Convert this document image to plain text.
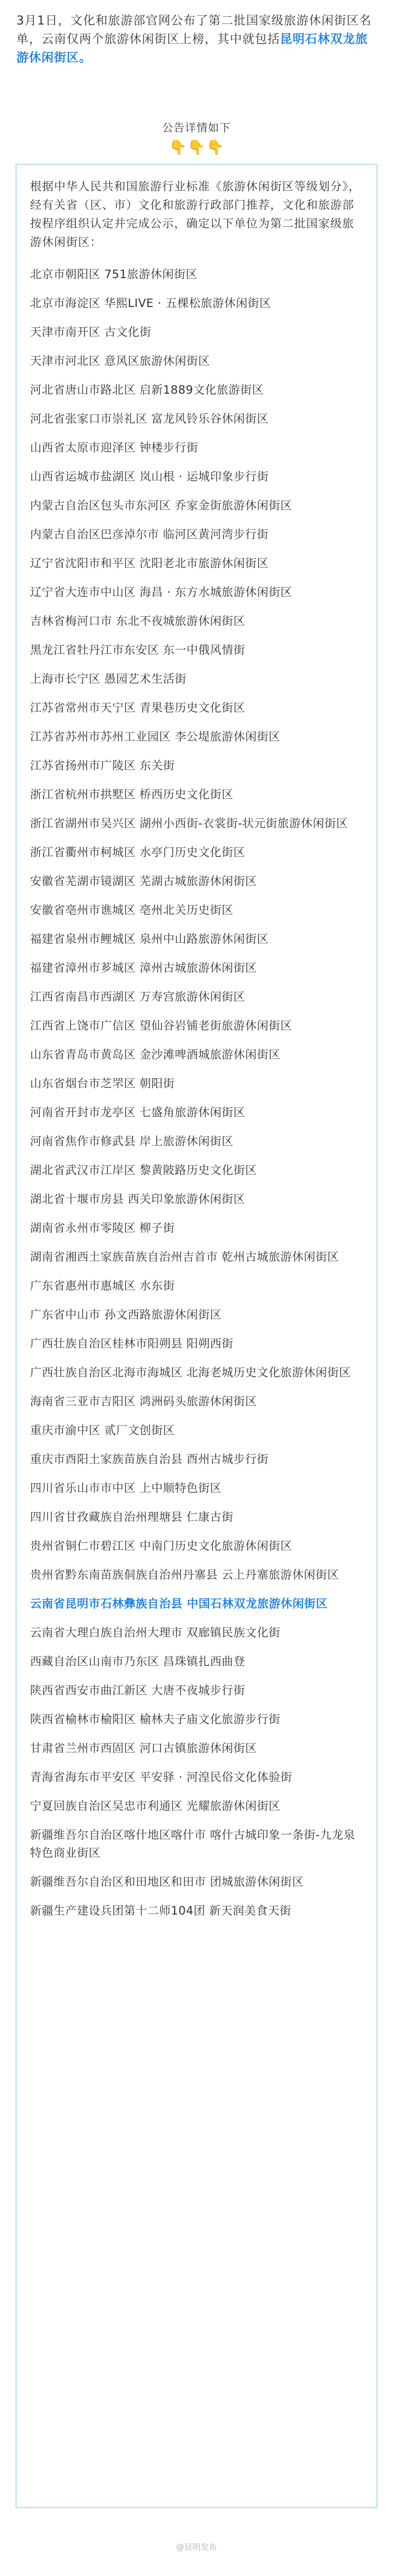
3月1日，文化和旅游部官网公布了第二批国家级旅游休闲街区名单，云南仅两个旅游休闲街区上榜，其中就包括昆明石林双龙旅游休闲街区。

公告详情如下
👇👇👇

根据中华人民共和国旅游行业标准《旅游休闲街区等级划分》，经有关省（区、市）文化和旅游行政部门推荐，文化和旅游部按程序组织认定并完成公示，确定以下单位为第二批国家级旅游休闲街区：

北京市朝阳区 751旅游休闲街区
北京市海淀区 华熙LIVE · 五棵松旅游休闲街区
天津市南开区 古文化街
天津市河北区 意风区旅游休闲街区
河北省唐山市路北区 启新1889文化旅游街区
河北省张家口市崇礼区 富龙风铃乐谷休闲街区
山西省太原市迎泽区 钟楼步行街
山西省运城市盐湖区 岚山根 · 运城印象步行街
内蒙古自治区包头市东河区 乔家金街旅游休闲街区
内蒙古自治区巴彦淖尔市 临河区黄河湾步行街
辽宁省沈阳市和平区 沈阳老北市旅游休闲街区
辽宁省大连市中山区 海昌 · 东方水城旅游休闲街区
吉林省梅河口市 东北不夜城旅游休闲街区
黑龙江省牡丹江市东安区 东一中俄风情街
上海市长宁区 愚园艺术生活街
江苏省常州市天宁区 青果巷历史文化街区
江苏省苏州市苏州工业园区 李公堤旅游休闲街区
江苏省扬州市广陵区 东关街
浙江省杭州市拱墅区 桥西历史文化街区
浙江省湖州市吴兴区 湖州小西街-衣裳街-状元街旅游休闲街区
浙江省衢州市柯城区 水亭门历史文化街区
安徽省芜湖市镜湖区 芜湖古城旅游休闲街区
安徽省亳州市谯城区 亳州北关历史街区
福建省泉州市鲤城区 泉州中山路旅游休闲街区
福建省漳州市芗城区 漳州古城旅游休闲街区
江西省南昌市西湖区 万寿宫旅游休闲街区
江西省上饶市广信区 望仙谷岩铺老街旅游休闲街区
山东省青岛市黄岛区 金沙滩啤酒城旅游休闲街区
山东省烟台市芝罘区 朝阳街
河南省开封市龙亭区 七盛角旅游休闲街区
河南省焦作市修武县 岸上旅游休闲街区
湖北省武汉市江岸区 黎黄陂路历史文化街区
湖北省十堰市房县 西关印象旅游休闲街区
湖南省永州市零陵区 柳子街
湖南省湘西土家族苗族自治州吉首市 乾州古城旅游休闲街区
广东省惠州市惠城区 水东街
广东省中山市 孙文西路旅游休闲街区
广西壮族自治区桂林市阳朔县 阳朔西街
广西壮族自治区北海市海城区 北海老城历史文化旅游休闲街区
海南省三亚市吉阳区 鸿洲码头旅游休闲街区
重庆市渝中区 贰厂文创街区
重庆市酉阳土家族苗族自治县 酉州古城步行街
四川省乐山市市中区 上中顺特色街区
四川省甘孜藏族自治州理塘县 仁康古街
贵州省铜仁市碧江区 中南门历史文化旅游休闲街区
贵州省黔东南苗族侗族自治州丹寨县 云上丹寨旅游休闲街区
云南省昆明市石林彝族自治县 中国石林双龙旅游休闲街区
云南省大理白族自治州大理市 双廊镇民族文化街
西藏自治区山南市乃东区 昌珠镇扎西曲登
陕西省西安市曲江新区 大唐不夜城步行街
陕西省榆林市榆阳区 榆林夫子庙文化旅游步行街
甘肃省兰州市西固区 河口古镇旅游休闲街区
青海省海东市平安区 平安驿 · 河湟民俗文化体验街
宁夏回族自治区吴忠市利通区 光耀旅游休闲街区
新疆维吾尔自治区喀什地区喀什市 喀什古城印象一条街-九龙泉特色商业街区
新疆维吾尔自治区和田地区和田市 团城旅游休闲街区
新疆生产建设兵团第十二师104团 新天润美食天街
@昆明发布
